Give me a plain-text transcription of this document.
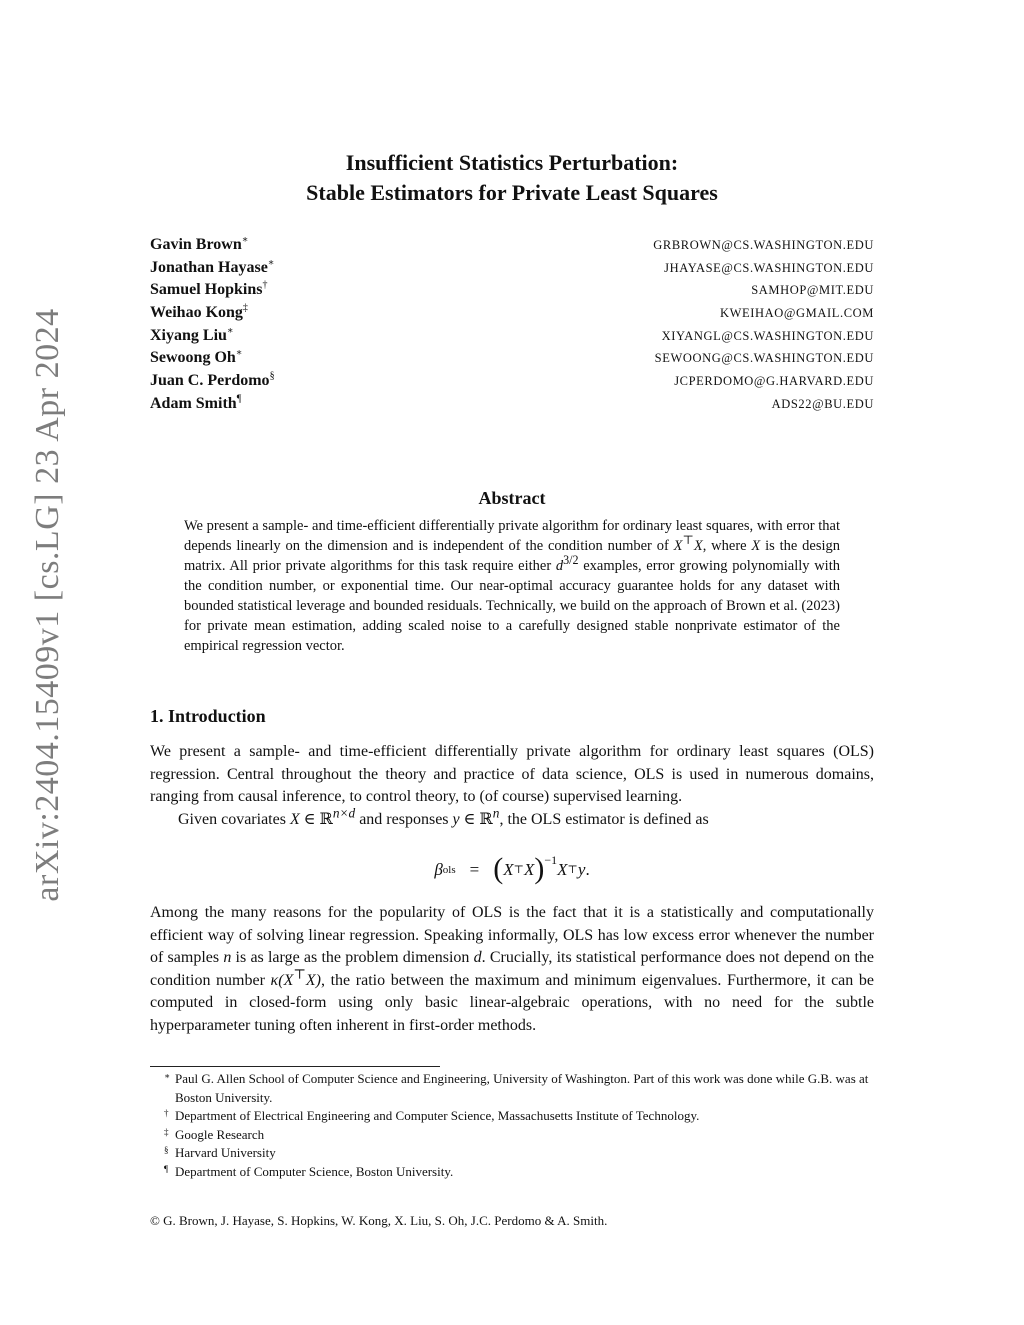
arXiv:2404.15409v1 [cs.LG] 23 Apr 2024
Insufficient Statistics Perturbation:
Stable Estimators for Private Least Squares
Gavin Brown∗	GRBROWN@CS.WASHINGTON.EDU
Jonathan Hayase∗	JHAYASE@CS.WASHINGTON.EDU
Samuel Hopkins†	SAMHOP@MIT.EDU
Weihao Kong‡	KWEIHAO@GMAIL.COM
Xiyang Liu∗	XIYANGL@CS.WASHINGTON.EDU
Sewoong Oh∗	SEWOONG@CS.WASHINGTON.EDU
Juan C. Perdomo§	JCPERDOMO@G.HARVARD.EDU
Adam Smith¶	ADS22@BU.EDU
Abstract
We present a sample- and time-efficient differentially private algorithm for ordinary least squares, with error that depends linearly on the dimension and is independent of the condition number of X⊤X, where X is the design matrix. All prior private algorithms for this task require either $d^{3/2}$ examples, error growing polynomially with the condition number, or exponential time. Our near-optimal accuracy guarantee holds for any dataset with bounded statistical leverage and bounded residuals. Technically, we build on the approach of Brown et al. (2023) for private mean estimation, adding scaled noise to a carefully designed stable nonprivate estimator of the empirical regression vector.
1. Introduction
We present a sample- and time-efficient differentially private algorithm for ordinary least squares (OLS) regression. Central throughout the theory and practice of data science, OLS is used in numerous domains, ranging from causal inference, to control theory, to (of course) supervised learning.
Given covariates X ∈ ℝ$^{n\times d}$ and responses y ∈ ℝ$^n$, the OLS estimator is defined as
β ols = ( X ⊤ X )$^{-1}$ X ⊤ y .
Among the many reasons for the popularity of OLS is the fact that it is a statistically and computationally efficient way of solving linear regression. Speaking informally, OLS has low excess error whenever the number of samples n is as large as the problem dimension d. Crucially, its statistical performance does not depend on the condition number κ(X⊤X), the ratio between the maximum and minimum eigenvalues. Furthermore, it can be computed in closed-form using only basic linear-algebraic operations, with no need for the subtle hyperparameter tuning often inherent in first-order methods.
∗ Paul G. Allen School of Computer Science and Engineering, University of Washington. Part of this work was done while G.B. was at Boston University.
† Department of Electrical Engineering and Computer Science, Massachusetts Institute of Technology.
‡ Google Research
§ Harvard University
¶ Department of Computer Science, Boston University.
© G. Brown, J. Hayase, S. Hopkins, W. Kong, X. Liu, S. Oh, J.C. Perdomo & A. Smith.
